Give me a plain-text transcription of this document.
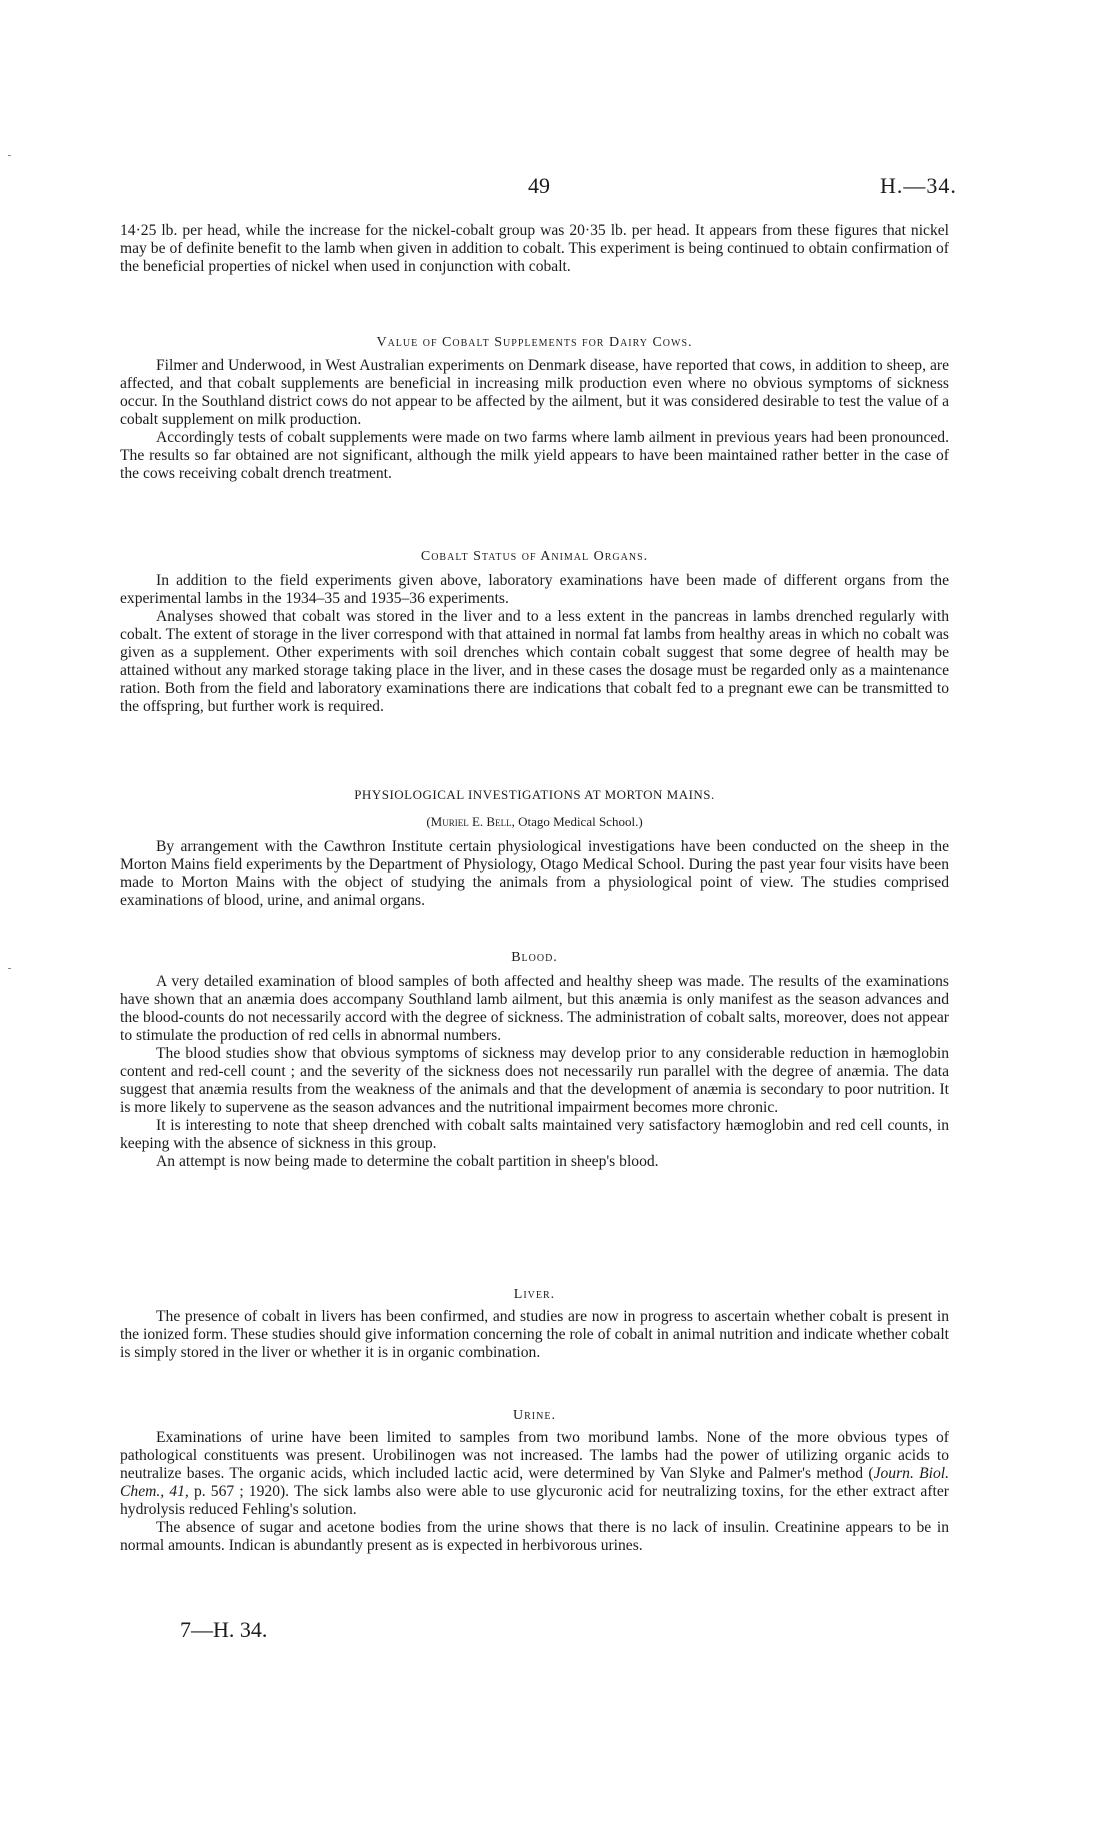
49	H.—34.

14·25 lb. per head, while the increase for the nickel-cobalt group was 20·35 lb. per head. It appears from these figures that nickel may be of definite benefit to the lamb when given in addition to cobalt. This experiment is being continued to obtain confirmation of the beneficial properties of nickel when used in conjunction with cobalt.

Value of Cobalt Supplements for Dairy Cows.

Filmer and Underwood, in West Australian experiments on Denmark disease, have reported that cows, in addition to sheep, are affected, and that cobalt supplements are beneficial in increasing milk production even where no obvious symptoms of sickness occur. In the Southland district cows do not appear to be affected by the ailment, but it was considered desirable to test the value of a cobalt supplement on milk production.

Accordingly tests of cobalt supplements were made on two farms where lamb ailment in previous years had been pronounced. The results so far obtained are not significant, although the milk yield appears to have been maintained rather better in the case of the cows receiving cobalt drench treatment.

Cobalt Status of Animal Organs.

In addition to the field experiments given above, laboratory examinations have been made of different organs from the experimental lambs in the 1934–35 and 1935–36 experiments.

Analyses showed that cobalt was stored in the liver and to a less extent in the pancreas in lambs drenched regularly with cobalt. The extent of storage in the liver correspond with that attained in normal fat lambs from healthy areas in which no cobalt was given as a supplement. Other experiments with soil drenches which contain cobalt suggest that some degree of health may be attained without any marked storage taking place in the liver, and in these cases the dosage must be regarded only as a maintenance ration. Both from the field and laboratory examinations there are indications that cobalt fed to a pregnant ewe can be transmitted to the offspring, but further work is required.

PHYSIOLOGICAL INVESTIGATIONS AT MORTON MAINS.
(Muriel E. Bell, Otago Medical School.)

By arrangement with the Cawthron Institute certain physiological investigations have been conducted on the sheep in the Morton Mains field experiments by the Department of Physiology, Otago Medical School. During the past year four visits have been made to Morton Mains with the object of studying the animals from a physiological point of view. The studies comprised examinations of blood, urine, and animal organs.

Blood.

A very detailed examination of blood samples of both affected and healthy sheep was made. The results of the examinations have shown that an anæmia does accompany Southland lamb ailment, but this anæmia is only manifest as the season advances and the blood-counts do not necessarily accord with the degree of sickness. The administration of cobalt salts, moreover, does not appear to stimulate the production of red cells in abnormal numbers.

The blood studies show that obvious symptoms of sickness may develop prior to any considerable reduction in hæmoglobin content and red-cell count ; and the severity of the sickness does not necessarily run parallel with the degree of anæmia. The data suggest that anæmia results from the weakness of the animals and that the development of anæmia is secondary to poor nutrition. It is more likely to supervene as the season advances and the nutritional impairment becomes more chronic.

It is interesting to note that sheep drenched with cobalt salts maintained very satisfactory hæmoglobin and red cell counts, in keeping with the absence of sickness in this group.

An attempt is now being made to determine the cobalt partition in sheep's blood.

Liver.

The presence of cobalt in livers has been confirmed, and studies are now in progress to ascertain whether cobalt is present in the ionized form. These studies should give information concerning the role of cobalt in animal nutrition and indicate whether cobalt is simply stored in the liver or whether it is in organic combination.

Urine.

Examinations of urine have been limited to samples from two moribund lambs. None of the more obvious types of pathological constituents was present. Urobilinogen was not increased. The lambs had the power of utilizing organic acids to neutralize bases. The organic acids, which included lactic acid, were determined by Van Slyke and Palmer's method (Journ. Biol. Chem., 41, p. 567 ; 1920). The sick lambs also were able to use glycuronic acid for neutralizing toxins, for the ether extract after hydrolysis reduced Fehling's solution.

The absence of sugar and acetone bodies from the urine shows that there is no lack of insulin. Creatinine appears to be in normal amounts. Indican is abundantly present as is expected in herbivorous urines.

7—H. 34.
